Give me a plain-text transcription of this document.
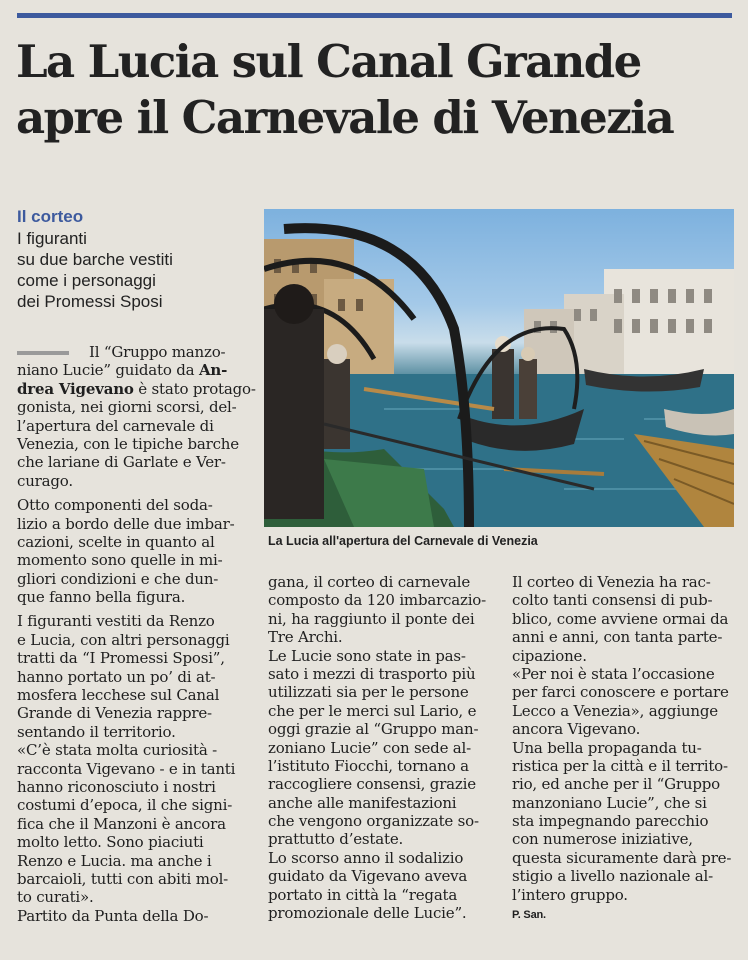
La Lucia sul Canal Grande
apre il Carnevale di Venezia
Il corteo
I figuranti
su due barche vestiti
come i personaggi
dei Promessi Sposi
La Lucia all'apertura del Carnevale di Venezia
Il “Gruppo manzo-
niano Lucie” guidato da An-
drea Vigevano è stato protago-
gonista, nei giorni scorsi, del-
l’apertura del carnevale di
Venezia, con le tipiche barche
che lariane di Garlate e Ver-
curago.
Otto componenti del soda-
lizio a bordo delle due imbar-
cazioni, scelte in quanto al
momento sono quelle in mi-
gliori condizioni e che dun-
que fanno bella figura.
I figuranti vestiti da Renzo
e Lucia, con altri personaggi
tratti da “I Promessi Sposi”,
hanno portato un po’ di at-
mosfera lecchese sul Canal
Grande di Venezia rappre-
sentando il territorio.
«C’è stata molta curiosità -
racconta Vigevano - e in tanti
hanno riconosciuto i nostri
costumi d’epoca, il che signi-
fica che il Manzoni è ancora
molto letto. Sono piaciuti
Renzo e Lucia. ma anche i
barcaioli, tutti con abiti mol-
to curati».
Partito da Punta della Do-
gana, il corteo di carnevale
composto da 120 imbarcazio-
ni, ha raggiunto il ponte dei
Tre Archi.
Le Lucie sono state in pas-
sato i mezzi di trasporto più
utilizzati sia per le persone
che per le merci sul Lario, e
oggi grazie al “Gruppo man-
zoniano Lucie” con sede al-
l’istituto Fiocchi, tornano a
raccogliere consensi, grazie
anche alle manifestazioni
che vengono organizzate so-
prattutto d’estate.
Lo scorso anno il sodalizio
guidato da Vigevano aveva
portato in città la “regata
promozionale delle Lucie”.
Il corteo di Venezia ha rac-
colto tanti consensi di pub-
blico, come avviene ormai da
anni e anni, con tanta parte-
cipazione.
«Per noi è stata l’occasione
per farci conoscere e portare
Lecco a Venezia», aggiunge
ancora Vigevano.
Una bella propaganda tu-
ristica per la città e il territo-
rio, ed anche per il “Gruppo
manzoniano Lucie”, che si
sta impegnando parecchio
con numerose iniziative,
questa sicuramente darà pre-
stigio a livello nazionale al-
l’intero gruppo.
P. San.
